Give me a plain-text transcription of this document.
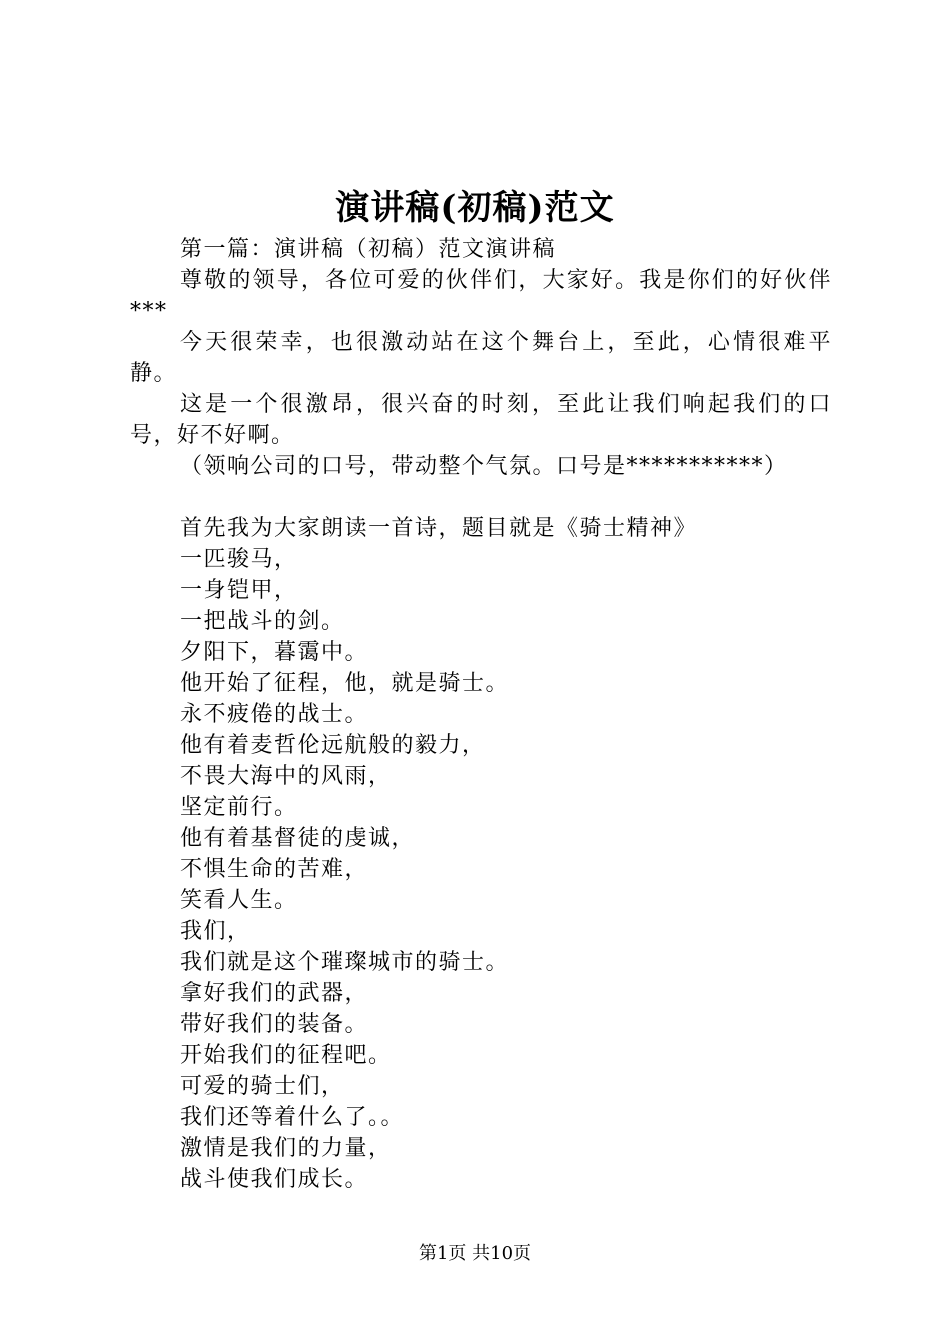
演讲稿(初稿)范文

第一篇：演讲稿（初稿）范文演讲稿

尊敬的领导，各位可爱的伙伴们，大家好。我是你们的好伙伴***

今天很荣幸，也很激动站在这个舞台上，至此，心情很难平静。

这是一个很激昂，很兴奋的时刻，至此让我们响起我们的口号，好不好啊。

（领响公司的口号，带动整个气氛。口号是***********）

首先我为大家朗读一首诗，题目就是《骑士精神》

一匹骏马，

一身铠甲，

一把战斗的剑。

夕阳下，暮霭中。

他开始了征程，他，就是骑士。

永不疲倦的战士。

他有着麦哲伦远航般的毅力，

不畏大海中的风雨，

坚定前行。

他有着基督徒的虔诚，

不惧生命的苦难，

笑看人生。

我们，

我们就是这个璀璨城市的骑士。

拿好我们的武器，

带好我们的装备。

开始我们的征程吧。

可爱的骑士们，

我们还等着什么了。。

激情是我们的力量，

战斗使我们成长。

第1页 共10页
